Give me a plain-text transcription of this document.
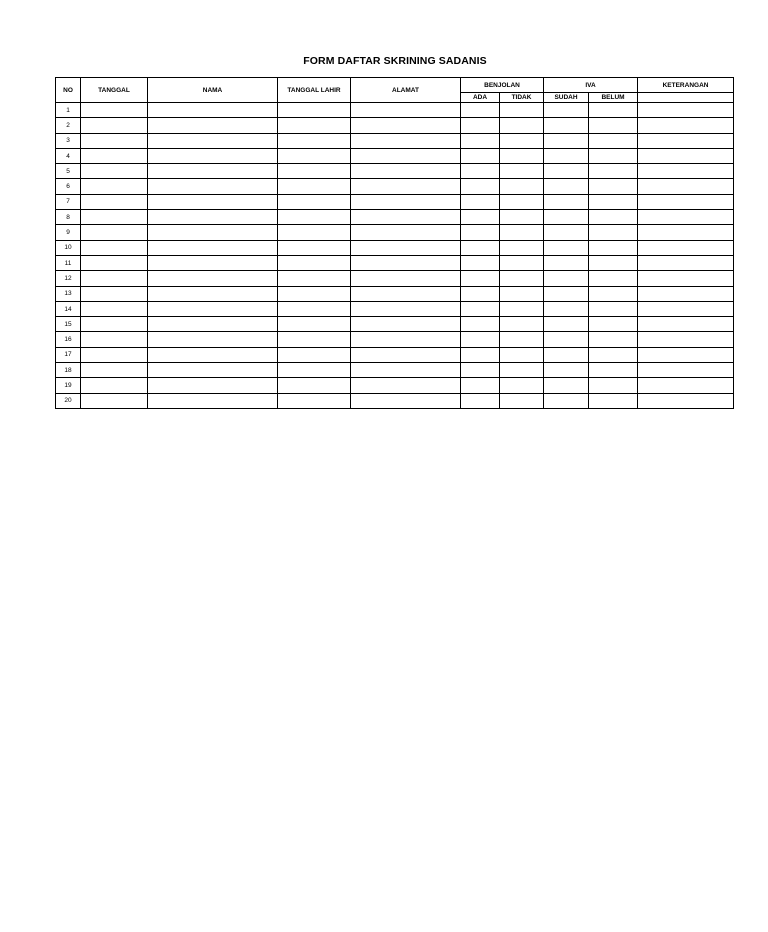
FORM DAFTAR SKRINING SADANIS
NO	TANGGAL	NAMA	TANGGAL LAHIR	ALAMAT	BENJOLAN		IVA		KETERANGAN
					ADA	TIDAK	SUDAH	BELUM	
1									
2									
3									
4									
5									
6									
7									
8									
9									
10									
11									
12									
13									
14									
15									
16									
17									
18									
19									
20									
